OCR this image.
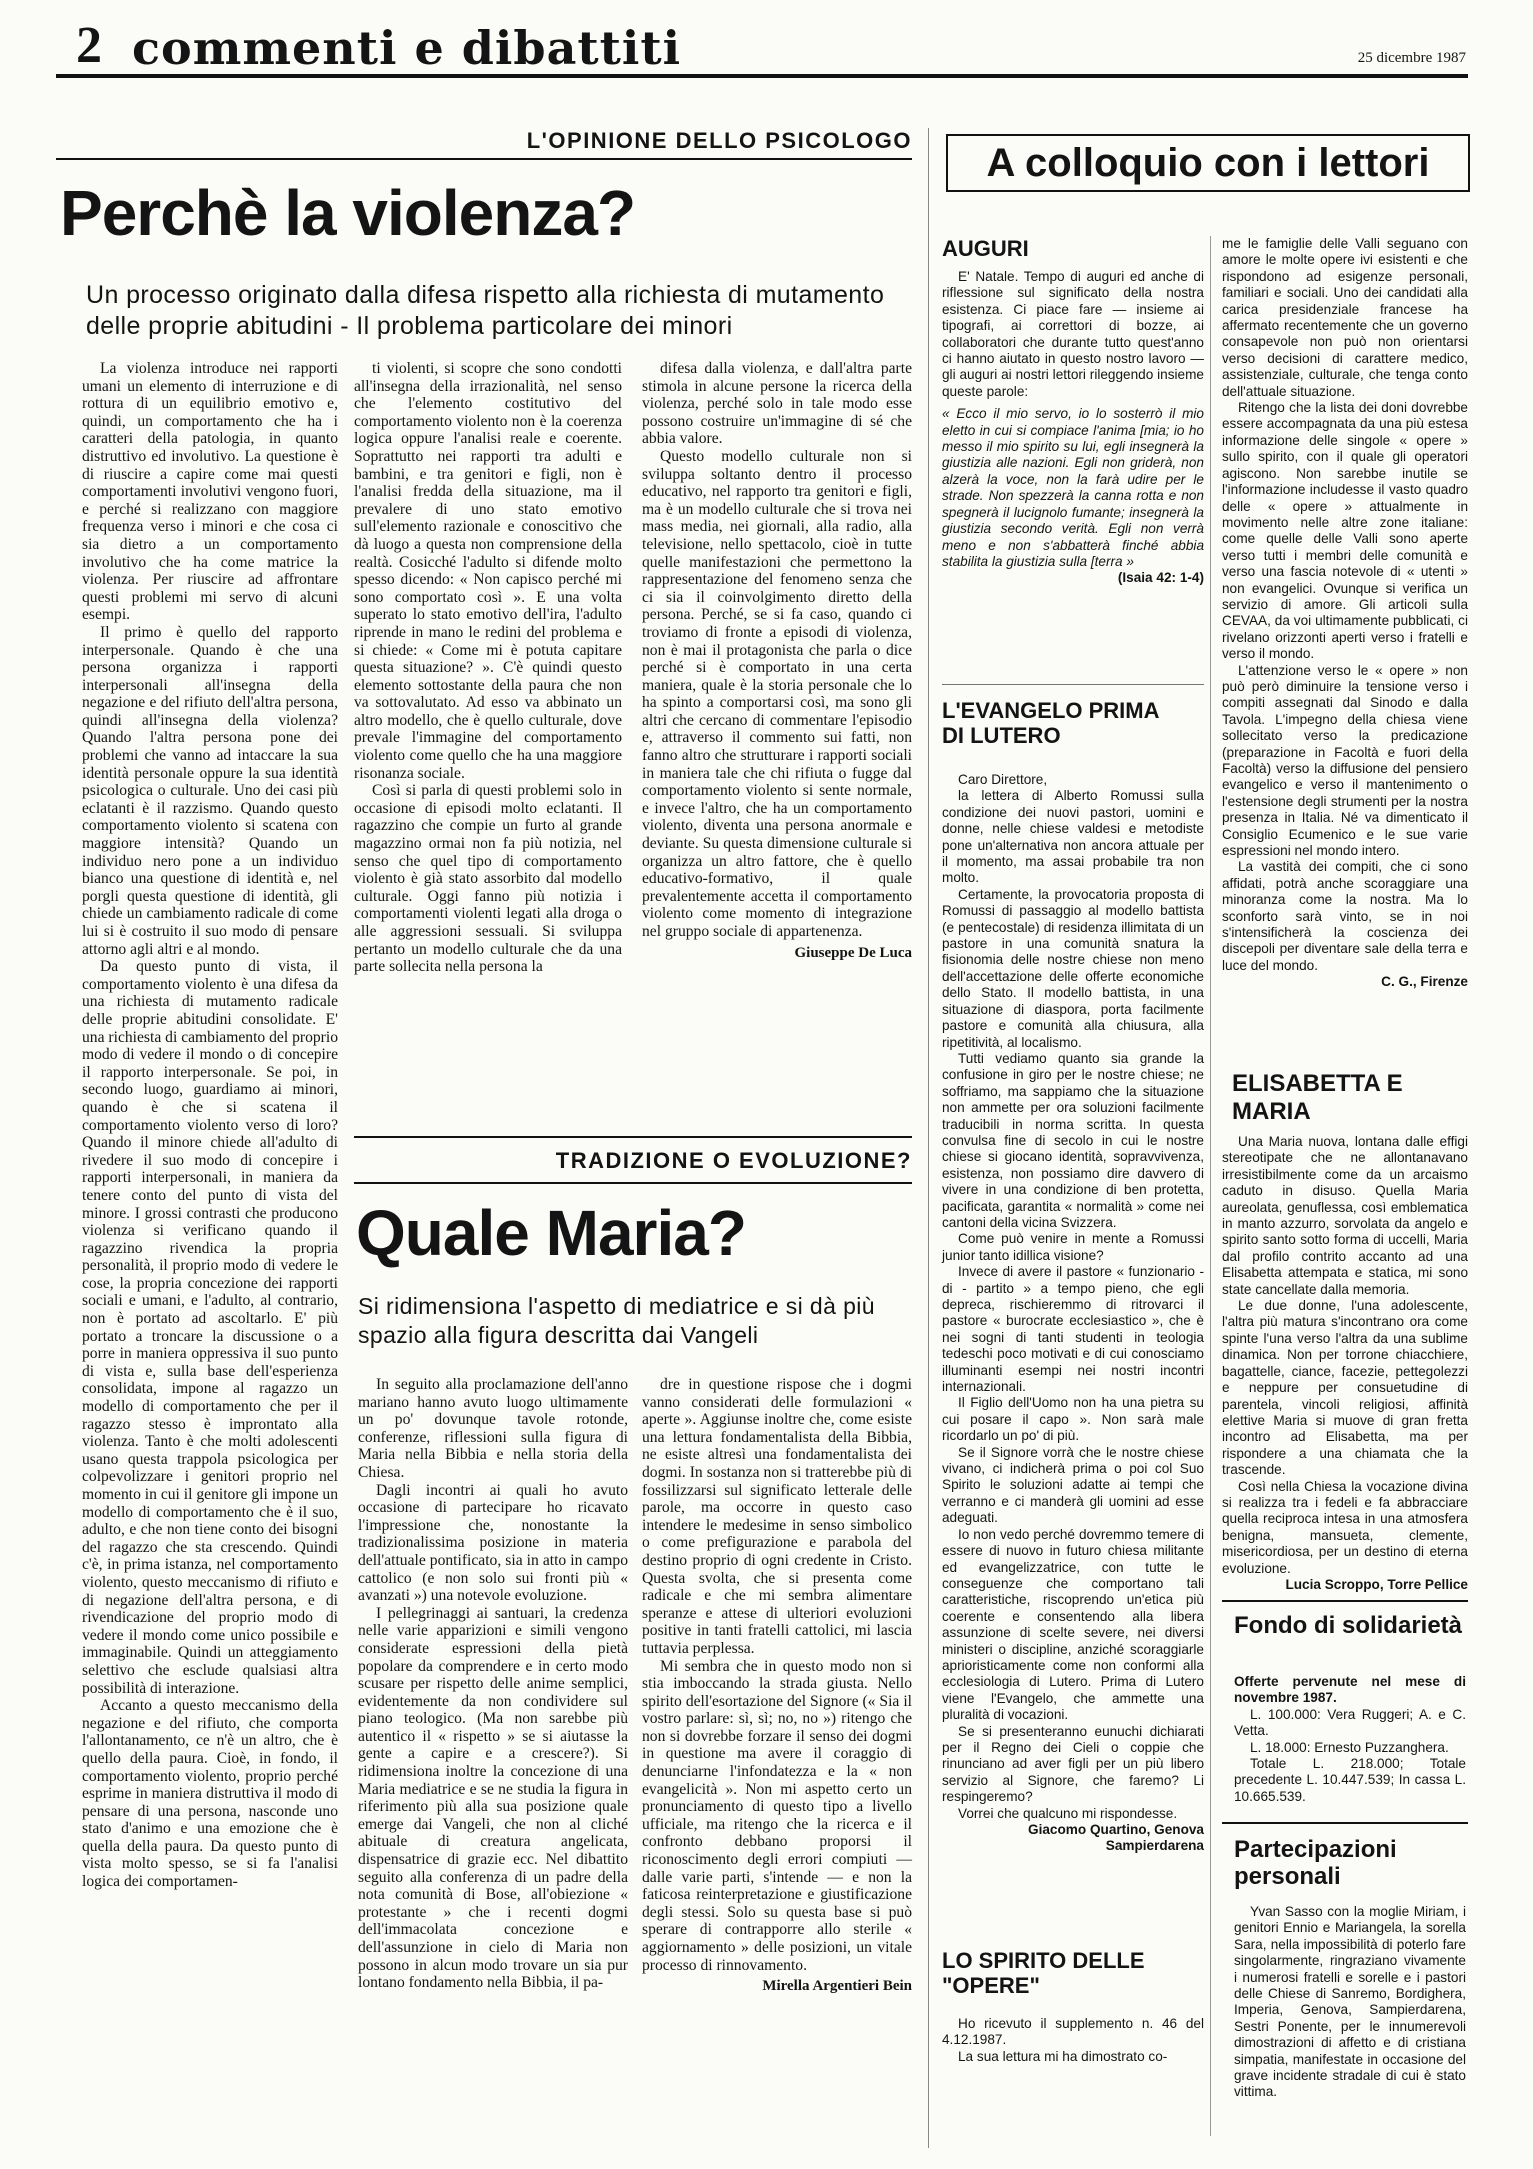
2 commenti e dibattiti	25 dicembre 1987
L'OPINIONE DELLO PSICOLOGO
Perchè la violenza?
Un processo originato dalla difesa rispetto alla richiesta di mutamento delle proprie abitudini - Il problema particolare dei minori

La violenza introduce nei rapporti umani un elemento di interruzione e di rottura di un equilibrio emotivo e, quindi, un comportamento che ha i caratteri della patologia, in quanto distruttivo ed involutivo. La questione è di riuscire a capire come mai questi comportamenti involutivi vengono fuori, e perché si realizzano con maggiore frequenza verso i minori e che cosa ci sia dietro a un comportamento involutivo che ha come matrice la violenza. Per riuscire ad affrontare questi problemi mi servo di alcuni esempi.

Il primo è quello del rapporto interpersonale. Quando è che una persona organizza i rapporti interpersonali all'insegna della negazione e del rifiuto dell'altra persona, quindi all'insegna della violenza? Quando l'altra persona pone dei problemi che vanno ad intaccare la sua identità personale oppure la sua identità psicologica o culturale. Uno dei casi più eclatanti è il razzismo. Quando questo comportamento violento si scatena con maggiore intensità? Quando un individuo nero pone a un individuo bianco una questione di identità e, nel porgli questa questione di identità, gli chiede un cambiamento radicale di come lui si è costruito il suo modo di pensare attorno agli altri e al mondo.

Da questo punto di vista, il comportamento violento è una difesa da una richiesta di mutamento radicale delle proprie abitudini consolidate. E' una richiesta di cambiamento del proprio modo di vedere il mondo o di concepire il rapporto interpersonale. Se poi, in secondo luogo, guardiamo ai minori, quando è che si scatena il comportamento violento verso di loro? Quando il minore chiede all'adulto di rivedere il suo modo di concepire i rapporti interpersonali, in maniera da tenere conto del punto di vista del minore. I grossi contrasti che producono violenza si verificano quando il ragazzino rivendica la propria personalità, il proprio modo di vedere le cose, la propria concezione dei rapporti sociali e umani, e l'adulto, al contrario, non è portato ad ascoltarlo. E' più portato a troncare la discussione o a porre in maniera oppressiva il suo punto di vista e, sulla base dell'esperienza consolidata, impone al ragazzo un modello di comportamento che per il ragazzo stesso è improntato alla violenza. Tanto è che molti adolescenti usano questa trappola psicologica per colpevolizzare i genitori proprio nel momento in cui il genitore gli impone un modello di comportamento che è il suo, adulto, e che non tiene conto dei bisogni del ragazzo che sta crescendo. Quindi c'è, in prima istanza, nel comportamento violento, questo meccanismo di rifiuto e di negazione dell'altra persona, e di rivendicazione del proprio modo di vedere il mondo come unico possibile e immaginabile. Quindi un atteggiamento selettivo che esclude qualsiasi altra possibilità di interazione.

Accanto a questo meccanismo della negazione e del rifiuto, che comporta l'allontanamento, ce n'è un altro, che è quello della paura. Cioè, in fondo, il comportamento violento, proprio perché esprime in maniera distruttiva il modo di pensare di una persona, nasconde uno stato d'animo e una emozione che è quella della paura. Da questo punto di vista molto spesso, se si fa l'analisi logica dei comportamen-

ti violenti, si scopre che sono condotti all'insegna della irrazionalità, nel senso che l'elemento costitutivo del comportamento violento non è la coerenza logica oppure l'analisi reale e coerente. Soprattutto nei rapporti tra adulti e bambini, e tra genitori e figli, non è l'analisi fredda della situazione, ma il prevalere di uno stato emotivo sull'elemento razionale e conoscitivo che dà luogo a questa non comprensione della realtà. Cosicché l'adulto si difende molto spesso dicendo: « Non capisco perché mi sono comportato così ». E una volta superato lo stato emotivo dell'ira, l'adulto riprende in mano le redini del problema e si chiede: « Come mi è potuta capitare questa situazione? ». C'è quindi questo elemento sottostante della paura che non va sottovalutato. Ad esso va abbinato un altro modello, che è quello culturale, dove prevale l'immagine del comportamento violento come quello che ha una maggiore risonanza sociale.

Così si parla di questi problemi solo in occasione di episodi molto eclatanti. Il ragazzino che compie un furto al grande magazzino ormai non fa più notizia, nel senso che quel tipo di comportamento violento è già stato assorbito dal modello culturale. Oggi fanno più notizia i comportamenti violenti legati alla droga o alle aggressioni sessuali. Si sviluppa pertanto un modello culturale che da una parte sollecita nella persona la

difesa dalla violenza, e dall'altra parte stimola in alcune persone la ricerca della violenza, perché solo in tale modo esse possono costruire un'immagine di sé che abbia valore.

Questo modello culturale non si sviluppa soltanto dentro il processo educativo, nel rapporto tra genitori e figli, ma è un modello culturale che si trova nei mass media, nei giornali, alla radio, alla televisione, nello spettacolo, cioè in tutte quelle manifestazioni che permettono la rappresentazione del fenomeno senza che ci sia il coinvolgimento diretto della persona. Perché, se si fa caso, quando ci troviamo di fronte a episodi di violenza, non è mai il protagonista che parla o dice perché si è comportato in una certa maniera, quale è la storia personale che lo ha spinto a comportarsi così, ma sono gli altri che cercano di commentare l'episodio e, attraverso il commento sui fatti, non fanno altro che strutturare i rapporti sociali in maniera tale che chi rifiuta o fugge dal comportamento violento si sente normale, e invece l'altro, che ha un comportamento violento, diventa una persona anormale e deviante. Su questa dimensione culturale si organizza un altro fattore, che è quello educativo-formativo, il quale prevalentemente accetta il comportamento violento come momento di integrazione nel gruppo sociale di appartenenza.

Giuseppe De Luca
TRADIZIONE O EVOLUZIONE?
Quale Maria?
Si ridimensiona l'aspetto di mediatrice e si dà più spazio alla figura descritta dai Vangeli

In seguito alla proclamazione dell'anno mariano hanno avuto luogo ultimamente un po' dovunque tavole rotonde, conferenze, riflessioni sulla figura di Maria nella Bibbia e nella storia della Chiesa.

Dagli incontri ai quali ho avuto occasione di partecipare ho ricavato l'impressione che, nonostante la tradizionalissima posizione in materia dell'attuale pontificato, sia in atto in campo cattolico (e non solo sui fronti più « avanzati ») una notevole evoluzione.

I pellegrinaggi ai santuari, la credenza nelle varie apparizioni e simili vengono considerate espressioni della pietà popolare da comprendere e in certo modo scusare per rispetto delle anime semplici, evidentemente da non condividere sul piano teologico. (Ma non sarebbe più autentico il « rispetto » se si aiutasse la gente a capire e a crescere?). Si ridimensiona inoltre la concezione di una Maria mediatrice e se ne studia la figura in riferimento più alla sua posizione quale emerge dai Vangeli, che non al cliché abituale di creatura angelicata, dispensatrice di grazie ecc. Nel dibattito seguito alla conferenza di un padre della nota comunità di Bose, all'obiezione « protestante » che i recenti dogmi dell'immacolata concezione e dell'assunzione in cielo di Maria non possono in alcun modo trovare un sia pur lontano fondamento nella Bibbia, il pa-

dre in questione rispose che i dogmi vanno considerati delle formulazioni « aperte ». Aggiunse inoltre che, come esiste una lettura fondamentalista della Bibbia, ne esiste altresì una fondamentalista dei dogmi. In sostanza non si tratterebbe più di fossilizzarsi sul significato letterale delle parole, ma occorre in questo caso intendere le medesime in senso simbolico o come prefigurazione e parabola del destino proprio di ogni credente in Cristo. Questa svolta, che si presenta come radicale e che mi sembra alimentare speranze e attese di ulteriori evoluzioni positive in tanti fratelli cattolici, mi lascia tuttavia perplessa.

Mi sembra che in questo modo non si stia imboccando la strada giusta. Nello spirito dell'esortazione del Signore (« Sia il vostro parlare: sì, sì; no, no ») ritengo che non si dovrebbe forzare il senso dei dogmi in questione ma avere il coraggio di denunciarne l'infondatezza e la « non evangelicità ». Non mi aspetto certo un pronunciamento di questo tipo a livello ufficiale, ma ritengo che la ricerca e il confronto debbano proporsi il riconoscimento degli errori compiuti — dalle varie parti, s'intende — e non la faticosa reinterpretazione e giustificazione degli stessi. Solo su questa base si può sperare di contrapporre allo sterile « aggiornamento » delle posizioni, un vitale processo di rinnovamento.

Mirella Argentieri Bein
A colloquio con i lettori
AUGURI

E' Natale. Tempo di auguri ed anche di riflessione sul significato della nostra esistenza. Ci piace fare — insieme ai tipografi, ai correttori di bozze, ai collaboratori che durante tutto quest'anno ci hanno aiutato in questo nostro lavoro — gli auguri ai nostri lettori rileggendo insieme queste parole:

« Ecco il mio servo, io lo sosterrò il mio eletto in cui si compiace l'anima [mia; io ho messo il mio spirito su lui, egli insegnerà la giustizia alle nazioni. Egli non griderà, non alzerà la voce, non la farà udire per le strade. Non spezzerà la canna rotta e non spegnerà il lucignolo fumante; insegnerà la giustizia secondo verità. Egli non verrà meno e non s'abbatterà finché abbia stabilita la giustizia sulla [terra »

(Isaia 42: 1-4)

L'EVANGELO PRIMA DI LUTERO

Caro Direttore,

la lettera di Alberto Romussi sulla condizione dei nuovi pastori, uomini e donne, nelle chiese valdesi e metodiste pone un'alternativa non ancora attuale per il momento, ma assai probabile tra non molto.

Certamente, la provocatoria proposta di Romussi di passaggio al modello battista (e pentecostale) di residenza illimitata di un pastore in una comunità snatura la fisionomia delle nostre chiese non meno dell'accettazione delle offerte economiche dello Stato. Il modello battista, in una situazione di diaspora, porta facilmente pastore e comunità alla chiusura, alla ripetitività, al localismo.

Tutti vediamo quanto sia grande la confusione in giro per le nostre chiese; ne soffriamo, ma sappiamo che la situazione non ammette per ora soluzioni facilmente traducibili in norma scritta. In questa convulsa fine di secolo in cui le nostre chiese si giocano identità, sopravvivenza, esistenza, non possiamo dire davvero di vivere in una condizione di ben protetta, pacificata, garantita « normalità » come nei cantoni della vicina Svizzera.

Come può venire in mente a Romussi junior tanto idillica visione?

Invece di avere il pastore « funzionario - di - partito » a tempo pieno, che egli depreca, rischieremmo di ritrovarci il pastore « burocrate ecclesiastico », che è nei sogni di tanti studenti in teologia tedeschi poco motivati e di cui conosciamo illuminanti esempi nei nostri incontri internazionali.

Il Figlio dell'Uomo non ha una pietra su cui posare il capo ». Non sarà male ricordarlo un po' di più.

Se il Signore vorrà che le nostre chiese vivano, ci indicherà prima o poi col Suo Spirito le soluzioni adatte ai tempi che verranno e ci manderà gli uomini ad esse adeguati.

Io non vedo perché dovremmo temere di essere di nuovo in futuro chiesa militante ed evangelizzatrice, con tutte le conseguenze che comportano tali caratteristiche, riscoprendo un'etica più coerente e consentendo alla libera assunzione di scelte severe, nei diversi ministeri o discipline, anziché scoraggiarle aprioristicamente come non conformi alla ecclesiologia di Lutero. Prima di Lutero viene l'Evangelo, che ammette una pluralità di vocazioni.

Se si presenteranno eunuchi dichiarati per il Regno dei Cieli o coppie che rinunciano ad aver figli per un più libero servizio al Signore, che faremo? Li respingeremo?

Vorrei che qualcuno mi rispondesse.

Giacomo Quartino, Genova Sampierdarena

LO SPIRITO DELLE "OPERE"

Ho ricevuto il supplemento n. 46 del 4.12.1987.

La sua lettura mi ha dimostrato co-

me le famiglie delle Valli seguano con amore le molte opere ivi esistenti e che rispondono ad esigenze personali, familiari e sociali. Uno dei candidati alla carica presidenziale francese ha affermato recentemente che un governo consapevole non può non orientarsi verso decisioni di carattere medico, assistenziale, culturale, che tenga conto dell'attuale situazione.

Ritengo che la lista dei doni dovrebbe essere accompagnata da una più estesa informazione delle singole « opere » sullo spirito, con il quale gli operatori agiscono. Non sarebbe inutile se l'informazione includesse il vasto quadro delle « opere » attualmente in movimento nelle altre zone italiane: come quelle delle Valli sono aperte verso tutti i membri delle comunità e verso una fascia notevole di « utenti » non evangelici. Ovunque si verifica un servizio di amore. Gli articoli sulla CEVAA, da voi ultimamente pubblicati, ci rivelano orizzonti aperti verso i fratelli e verso il mondo.

L'attenzione verso le « opere » non può però diminuire la tensione verso i compiti assegnati dal Sinodo e dalla Tavola. L'impegno della chiesa viene sollecitato verso la predicazione (preparazione in Facoltà e fuori della Facoltà) verso la diffusione del pensiero evangelico e verso il mantenimento o l'estensione degli strumenti per la nostra presenza in Italia. Né va dimenticato il Consiglio Ecumenico e le sue varie espressioni nel mondo intero.

La vastità dei compiti, che ci sono affidati, potrà anche scoraggiare una minoranza come la nostra. Ma lo sconforto sarà vinto, se in noi s'intensificherà la coscienza dei discepoli per diventare sale della terra e luce del mondo.

C. G., Firenze

ELISABETTA E MARIA

Una Maria nuova, lontana dalle effigi stereotipate che ne allontanavano irresistibilmente come da un arcaismo caduto in disuso. Quella Maria aureolata, genuflessa, così emblematica in manto azzurro, sorvolata da angelo e spirito santo sotto forma di uccelli, Maria dal profilo contrito accanto ad una Elisabetta attempata e statica, mi sono state cancellate dalla memoria.

Le due donne, l'una adolescente, l'altra più matura s'incontrano ora come spinte l'una verso l'altra da una sublime dinamica. Non per torrone chiacchiere, bagattelle, ciance, facezie, pettegolezzi e neppure per consuetudine di parentela, vincoli religiosi, affinità elettive Maria si muove di gran fretta incontro ad Elisabetta, ma per rispondere a una chiamata che la trascende.

Così nella Chiesa la vocazione divina si realizza tra i fedeli e fa abbracciare quella reciproca intesa in una atmosfera benigna, mansueta, clemente, misericordiosa, per un destino di eterna evoluzione.

Lucia Scroppo, Torre Pellice

Fondo di solidarietà

Offerte pervenute nel mese di novembre 1987.

L. 100.000: Vera Ruggeri; A. e C. Vetta.

L. 18.000: Ernesto Puzzanghera.

Totale L. 218.000; Totale precedente L. 10.447.539; In cassa L. 10.665.539.

Partecipazioni personali

Yvan Sasso con la moglie Miriam, i genitori Ennio e Mariangela, la sorella Sara, nella impossibilità di poterlo fare singolarmente, ringraziano vivamente i numerosi fratelli e sorelle e i pastori delle Chiese di Sanremo, Bordighera, Imperia, Genova, Sampierdarena, Sestri Ponente, per le innumerevoli dimostrazioni di affetto e di cristiana simpatia, manifestate in occasione del grave incidente stradale di cui è stato vittima.
